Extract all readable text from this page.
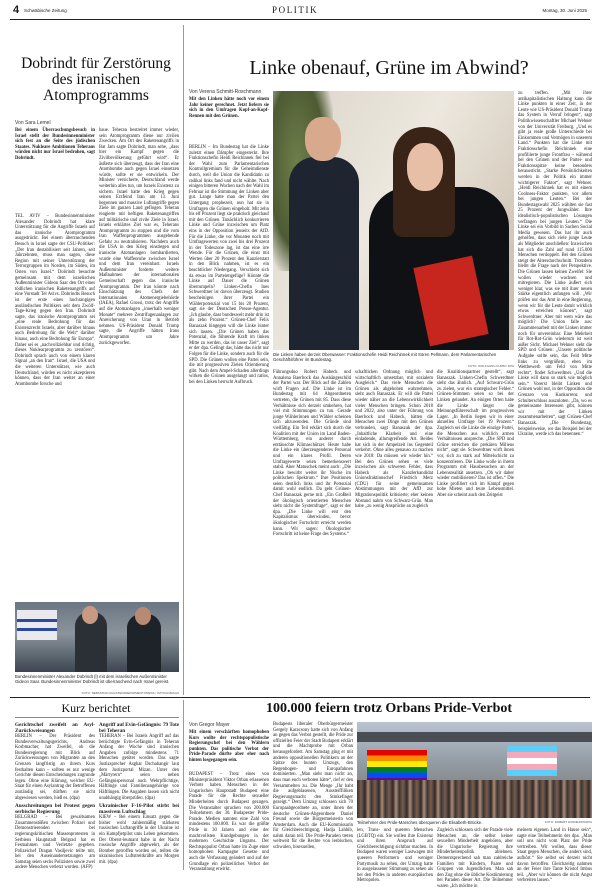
4 Schwäbische Zeitung	POLITIK	Montag, 30. Juni 2025
Dobrindt für Zerstörung des iranischen Atomprogramms
Von Sara Lemel

Bei einem Überraschungsbesuch in Israel stellt der Bundesinnenminister sich fest an die Seite des jüdischen Staates. Nukleare Ambitionen Teherans würden nicht nur Israel bedrohen, sagt Dobrindt.

TEL AVIV – Bundesinnenminister Alexander Dobrindt hat klare Unterstützung für die Angriffe Israels auf das iranische Atomprogramm ausgedrückt. Bei einem überraschenden Besuch in Israel sagte der CSU-Politiker: „Der Iran destabilisiert seit Jahren, seit Jahrzehnten, muss man sagen, diese Region mit seiner Unterstützung der Terrorgruppen im Norden, im Süden, im Osten von Israel.“ Dobrindt besuchte gemeinsam mit dem israelischen Außenminister Gideon Saar den Ort eines tödlichen iranischen Raketenangriffs auf eine Vorstadt Tel Avivs. Dobrindts Besuch ist der erste eines hochrangigen ausländischen Politikers seit dem Zwölf-Tage-Krieg gegen den Iran. Dobrindt sagte, das iranische Atomprogramm sei „eine reale Bedrohung für das Existenzrecht Israels, aber darüber hinaus auch Bedrohung für die Welt“ darüber hinaus, auch eine Bedrohung für Europa“. Daher sei es „nachvollziehbar und richtig, dieses Nuklearprogramm zu zerstören“. Dobrindt sprach auch von einem klaren Signal „an den Iran“. Israel, die USA und die weiteren Unterstützer, wie auch Deutschland, würden es nicht akzeptieren können, dass der Iran weiter an einer Atombombe forsche und

baue. Teheran bestreitet immer wieder, sein Atomprogramm diene nur zivilen Zwecken. Am Ort des Raketenangriffs in Bat Jam sagte Dobrindt, man sehe, „dass hier ein Kampf gegen die Zivilbevölkerung geführt wird“. Er äußerte sich überzeugt, dass der Iran eine Atombombe auch gegen Israel einsetzen würde, sollte er sie entwickeln. Der Minister versicherte, Deutschland werde weiterhin alles tun, um Israels Existenz zu sichern. Israel hatte den Krieg gegen seinen Erzfeind Iran am 13. Juni begonnen und massive Luftangriffe gegen Ziele im ganzen Land geflogen. Teheran reagierte mit heftigen Raketenangriffen auf militärische und zivile Ziele in Israel. Israels erklärtes Ziel war es, Teherans Atomprogramm zu stoppen und die vom Iran Waffenprogrammen ausgehende Gefahr zu neutralisieren. Nachdem auch die USA in den Krieg einstiegen und iranische Atomanlagen bombardierten, wurde eine Waffenruhe zwischen Israel und dem Iran vereinbart. Israels Außenminister forderte weitere Maßnahmen der internationalen Gemeinschaft gegen das iranische Atomprogramm. Der Iran könnte nach Einschätzung des Chefs der Internationalen Atomenergiebehörde (IAEA), Rafael Grossi, trotz der Angriffe auf die Atomanlagen „innerhalb weniger Monate“ mehrere Zentrifugenanlagen zur Anreicherung von Uran in Betrieb nehmen. US-Präsident Donald Trump sagte, die Angriffe hätten Irans Atomprogramm um Jahre zurückgeworfen.

Bundesinnenminister Alexander Dobrindt (l) mit dem israelischen Außenminister Gideon Saar. Bundesinnenminister Dobrindt ist überraschend nach Israel gereist.
FOTO: SEBASTIAN AUGSTEIN/DEFINIMENT PRESS / ISTOCK/IMAGO
Linke obenauf, Grüne im Abwind?
Von Verena Schmitt-Roschmann

Mit den Linken hätte noch vor einem Jahr keiner gerechnet. Jetzt liefern sie sich in den Umfragen Kopf-an-Kopf-Rennen mit den Grünen.

BERLIN – Im Bundestag hat die Linke zuletzt einen Dämpfer eingesteckt. Ihre Fraktionschefin Heidi Reichinnek fiel bei der Wahl zum Parlamentarischen Kontrollgremium für die Geheimdienste durch, weil die Union die Kandidatin zu radikal links fand und nicht wählte. Nach einigen bitteren Wochen nach der Wahl im Februar ist die Stimmung der Linken aber gut. Lange hatte man der Partei den Untergang prophezeit, nun hat sie in Umfragen die Grünen eingeholt. Mit zehn bis elf Prozent liegt sie praktisch gleichauf mit den Grünen. Tatsächlich konkurrieren Linke und Grüne inzwischen um Platz eins in der Opposition jenseits der AfD. Für die Linke, die vor Monaten noch mit Umfragewerten von zwei bis drei Prozent in der Todeszone lag, ist das eine irre Wende. Für die Grünen, die einst mit Werten über 20 Prozent den Kanzlerstatt in den Blick nahmen, ist es ein beachtlicher Niedergang. Verschiebt sich da etwas im Parteiengefüge? Könnte die Linke auf Dauer die Grünen überrumpeln? Linken-Chefin Ines Schwerdtner ist davon überzeugt. Studien bescheinigen ihrer Partei ein Wählerpotenzial von 15 bis 20 Prozent, sagt sie der Deutschen Presse-Agentur. „Ich glaube, dass bundesweit mehr drin ist als zehn Prozent.“ Grünen-Chef Felix Banaszak hingegen will die Linke hinter sich lassen. „Die Grünen haben das Potenzial, die führende Kraft im linken Mitte zu werden, das ist unser Ziel“, sagt er der dpa. Gelingt das, hätte das nicht nur Folgen für die Linke, sondern auch für die SPD. Die Grünen wollen eine Partei sein, die mit progressiven Zielen Orientierung gibt. Nach dem Ampel-Schaden allerdings wirken die Grünen ausgelaugt und ratlos, bei den Linken herrscht Aufbruch.

Die Linken haben derzeit Oberwasser: Fraktionschefin Heidi Reichinnek mit Sören Pellmann, dem Parlamentarischen Geschäftsführer im Bundestag.
FOTO: WOLFGANG KUMM / DPA

Führungsduo Robert Habeck und Annalena Baerbock das Aushängeschild der Partei war. Der Blick auf die Zahlen wirft Fragen auf. Die Linke ist im Bundestag mit 64 Abgeordneten vertreten, die Grünen mit 85. Dass diese Verhältnisse sich derzeit umkehren, hat viel mit Stimmungen zu tun. Gerade junge Wählerinnen und Wähler scheinen sich abzuwenden. Die Gründe sind vielfältig. Ein Teil erklärt sich durch die Koalition mit der Union im Land Baden-Württemberg, ein anderer durch enttäuschte Klimaschützer. Heute habe die Linke ein überzeugenderes Personal und ein klares Profil. Deren Umfragewerte seien bemerkenswert stabil. Aber Matuschek meint auch: „Die Linke bewirbt weiter ihr Nische im politischen Spektrum.“ Ihre Positionen seien deutlich links und ihr Potenzial damit wohl endlich. Da geht Grünen-Chef Banaszak gerne mit. „Ein Großteil der ökologisch orientierten Menschen sieht nicht die Systemfrage“, sagt er der dpa. „Die Linke will erst den Kapitalismus überwinden, bevor ökologischer Fortschritt erreicht werden kann. Wir sagen: Ökologischer Fortschritt ist keine Frage des Systems.“

schaftlichen Ordnung möglich und wirtschaftlich umsetzbar, mit sozialem Ausgleich.“ Das viele Menschen die Grünen als abgehoben wahrnehmen, sieht auch Banaszak. Er will die Partei wieder näher an die Lebenswirklichkeit vieler Menschen bringen. Schon 2018 und 2022, also unter der Führung von Baerbock und Habeck, hätten die Menschen zwei Dinge mit den Grünen verbunden, sagt Banaszak der dpa. „Inhaltliche Klarheit und eine einladende, allumgreifende Art. Beides hat sich in der Ampelzeit ins Gegenteil verkehrt. Ohne alles genauso zu machen wie 2018: Da müssen wir wieder hin.“ Bei den Grünen sehen es viele inzwischen als schweren Fehler, dass Habeck als Kanzlerkandidat Unionsfraktionschef Friedrich Merz (CDU) für seine gemeinsamen Abstimmungen mit der AfD zur Migrationspolitik kritisierte; eher keinen Abstand nahm von Schwarz-Grün. Man habe „zu wenig Ansprüche an zugleich

die Koalitionspartner gestellt“, sagt Banaszak. Linken-Chefin Schwerdtner sieht das ähnlich. „Auf Schwarz-Grün zu zielen, war ein strategischer Fehler.“ Grünen-Stimmen seien so bei der Linken gelandet. An einigen Orten habe die Linke längst die Meinungsführerschaft im progressiven Lager. „In Berlin liegen wir in einer aktuellen Umfrage bei 19 Prozent.“ Zugleich sei die Linke die einzige Partei, die Menschen aus wirklich armen Verhältnissen anspreche. „Die SPD und Grüne erreichen die prekären Milieus nicht“, sagt sie. Schwerdtner wirft ihnen vor, sich zu stark auf Mittelschicht zu konzentrieren. Die Linke wolle in ihrem Programm mit Hausbesuchen an der Lebensrealität ansetzen. „Ob wir daher wieder mobilisieren? Das ist offen.“ Die Linke profiliert sich im Kampf gegen hohe Mieten und teure Lebensmittel. Aber sie scheint auch den Zeitgeist

zu treffen. „Mit ihrer antikapitalistischen Haltung kann die Linke punkten in einer Zeit, in der Leute wie US-Präsident Donald Trump das System in Verruf bringen“, sagt Politikwissenschaftler Michael Wehner von der Universität Freiburg. „Und es gibt ja reale große Unterschiede bei Einkommen und Vermögen in unserem Land.“ Punkten hat die Linke mit Fraktionschefin Reichinnek eine profiliierte junge Frontfrau – während bei den Grünen und der Partei- und Fraktionsspitze keine besonders heraussticht. „Starke Persönlichkeiten werden in der Politik ein immer wichtigerer Faktor“, sagt Wehner. „Heidi Reichinnek hat es mit einem Coolness-Faktor punkten, vor allem bei jungen Leuten.“ Bei der Bundestagswahl 2025 wählten sie fast 25 Prozent der Jungwähler. Ihre idealistisch-populistischen Lösungen verfangen bei jungen Leuten.“ Die Linke sei ein Vorbild in Sachen Social Media gewesen. Das hat ihr auch geholfen, dass sich viele junge Leute als Mitglieder anschließen: Inzwischen hat sich die Zahl auf rund 115.000 Menschen verdoppelt. Bei den Grünen steigt der Altersdurchschnitt. Trotzdem bleibt die Frage nach der Perspektive. Die Grünen lassen keinen Zweifel: Sie wollen wieder wachsen und mitregieren. Die Linke äußert sich weniger klar, was sie mit ihrer neuen Stärke eigentlich anfangen will. „Wir prüfen nur das Amt in eine Regierung, wenn wir für die Leute damit wirklich etwas erreichen können“, sagt Schwerdtner. Aber mit wem wäre das möglich? Die Union falle aus: Zusammenarbeit mit der Linken immer noch für unvereinbar. Eine Mehrheit für Rot-Rot-Grün wiederum ist weit außer Sicht. Michael Wehner sieht die SPD und Grünen: „Unsere politische Aufgabe sollte sein, das Feld Mitte links zu vergrößern, eben im Wettbewerb um Feld von Mitte rechts“, findet Schwerdtner. „Und die Linke will dann so stark wie möglich sein.“ Vorerst bleibt Linken und Grünen wohl nur, in der Opposition die Grenzen von Konkurrenz und Schulterschluss auszuloten. „Da, wo es gemeinsame Interessen gibt, können wir mit der Linken zusammenarbeiten“, sagt Grünen-Chef Banaszak. „Die Bundestag, beispielsweise, wo das Beispiel bei der Ukraine, werde ich das benennen.“

Kurz berichtet

Gerichtschef zweifelt an Asyl-Zurückweisungen

BERLIN – Der Präsident des Bundesverwaltungsgerichts, Andreas Korbmacher, hat Zweifel, ob die Bundesregierung mit Blick auf Zurückweisungen von Migranten an den Grenzen langfristig an ihrem Kurs festhalten kann – sollten es nur wenige Gerichte diesen Entscheidungen zugrunde legen. Ohne eine Klärung, welcher EU-Staat für einen Asylantrag der Betroffenen zuständig sei, dürften sie nicht abgewiesen werden, hieß es. (dpa)

Ausschreitungen bei Protest gegen serbische Regierung

BELGRAD – Bei gewaltsamen Zusammenstößen zwischen Polizei und Demonstrierenden bei regierungskritischen Massenprotesten in Serbiens Hauptstadt Belgrad hat es Festnahmen und Verletzte gegeben. Polizeichef Dragan Vasiljevic teilte mit, bei den Auseinandersetzungen am Samstag seien sechs Polizisten sowie zwei andere Menschen verletzt worden. (AFP)

Angriff auf Evin-Gefängnis: 79 Tote bei Teheran

TEHERAN – Bei Israels Angriff auf das berüchtigte Evin-Gefängnis in Teheran Anfang der Woche sind iranischen Angaben zufolge mindestens 71 Menschen getötet worden. Das sagte Justizsprecher Asghar Dschahangir laut dem Justizportal Mizan. Unter den „Märtyrern“ seien neben Gefängnispersonal auch Wehrpflichtige, Häftlinge und Familienangehörige von Häftlingen. Die Angaben lassen sich nicht unabhängig überprüfen. (dpa)

Ukrainischer F-16-Pilot stirbt bei massivem Luftschlag

KIEW – Bei einem Einsatz gegen die bisher wohl zahlenmäßig stärksten russischen Luftangriffe in der Ukraine ist ein Kampfjetpilot ums Leben gekommen. Der Oberst-leutnant habe in der Nacht russische Angriffe abgewehrt, als der Bomber getroffen worden sei, teilten die ukrainischen Luftstreitkräfte am Morgen mit. (dpa)

100.000 feiern trotz Orbans Pride-Verbot
Von Gregor Mayer

Mit einem verschärften homophoben Kurs wollte der rechtspopulistische Regierungschef bei den Wählern punkten. Das politische Verbot der Pride-Parade dürfte aber eher nach hinten losgegangen sein.

BUDAPEST – Trotz eines von Ministerpräsident Viktor Orban erlassenen Verbots haben Menschen in der Ungarischen Hauptstadt Budapest eine Parade für die Rechte sexueller Minderheiten durch Budapest gezogen. Die Veranstalter sprachen von 200.000 Teilnehmern der 30. Budapester Pride-Parade. Medien nannten eine Zahl von mindestens 100.000. Es war die größte Pride in 30 Jahren und eine der machtvollsten Kundgebungen in der modernen Geschichte Ungarns. Der Rechtspopulist Orban hatte im Zuge einer homophoben Kampagne Gesetze und auch die Verfassung geändert und auf der Grundlage ein polizeiliches Verbot der Veranstaltung erwirkt.

Budapests liberaler Oberbürgermeister Gergely Karacsony hatte sich von Anfang an gegen das Verbot gestellt, die Pride zur offiziellen Feier der Stadt Budapest erklärt und die Machtprobe mit Orban herausgefordert. Am Samstag ging er mit anderen oppositionellen Politikern an der Spitze des bunten Umzugs, den Regenbogen- und Europafahnen dominierten. „Man sieht man nicht an, dass man euch verboten hätte“, rief er den Versammelten zu. Die Menge „Ihr habt die aufgeblasenen, Aussteiffiliken Regierungsmacht den Stinkefinger gezeigt.“ Dem Umzug schlossen sich 70 Europaabgeordnete an, unter ihnen der deutsche Grünen-Abgeordnete Daniel Freund sowie die Bürgermeisterin von Amsterdam. Auch die EU-Kommissarin für Gleichberechtigung, Hadja Lahbib, nahm daran teil. Die Pride-Paraden treten weltweit für die Rechte von lesbischen, schwulen, bisexuellen,

Teilnehmer des Pride-Marsches überqueren die Elisabeth-Brücke.	FOTO: ROBERT HANNE/DPA/DPA

len, Trans- und queeren Menschen (LGBTQ) ein. Sie wollen ihre Existenz und ihren Anspruch auf Gleichberechtigung sichtbar machen. In Budapest waren weniger Lastwagen mit queeren Performern und weniger Partymusik zu sehen, der Umzug hatte in ausgelassener Stimmung zu sehen als bei den Prides in anderen europäischen Metropolen.

Zugleich schlossen sich der Parade viele Menschen an, die selbst keiner sexuellen Minderheit angehören, aber die Ungarische Regierung ihre Minderheitenpolitik ablehnen. Dementsprechend sah man zahlreiche Familien mit Kindern, Paare und Gruppen von Jugendlichen. Man sah den Zug ohne die übliche Kostümierung bei Paraden dieser Art. Die Teilnehmer waren „Ich möchte in

meinem eigenen Land in Hause sein“, sagte eine Teilnehmerin der dpa. „Man soll uns nicht vom Platz der Pride vertreiben. Wir wollen, dass dieser Staat gegen Menschen, die anders sind, aufhört.“ Sie selbst sei derzeit nicht davon betroffen. Gleichzeitig nahmen an der Feier ihre Tante Kristof Imbus teil. „Aber wir können die nicht Angst verbreiten lassen.“
